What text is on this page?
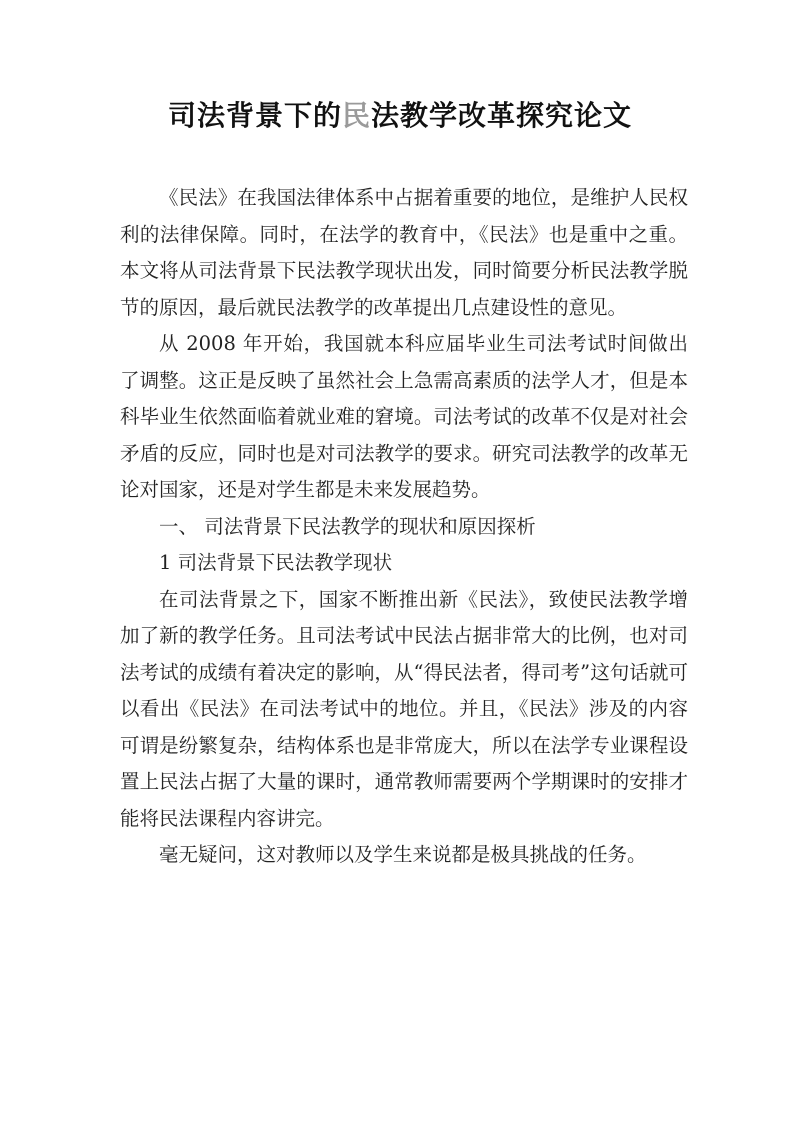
司法背景下的民法教学改革探究论文

《民法》在我国法律体系中占据着重要的地位，是维护人民权利的法律保障。同时，在法学的教育中，《民法》也是重中之重。本文将从司法背景下民法教学现状出发，同时简要分析民法教学脱节的原因，最后就民法教学的改革提出几点建设性的意见。

从 2008 年开始，我国就本科应届毕业生司法考试时间做出了调整。这正是反映了虽然社会上急需高素质的法学人才，但是本科毕业生依然面临着就业难的窘境。司法考试的改革不仅是对社会矛盾的反应，同时也是对司法教学的要求。研究司法教学的改革无论对国家，还是对学生都是未来发展趋势。

一、 司法背景下民法教学的现状和原因探析

1 司法背景下民法教学现状

在司法背景之下，国家不断推出新《民法》，致使民法教学增加了新的教学任务。且司法考试中民法占据非常大的比例，也对司法考试的成绩有着决定的影响，从“得民法者，得司考”这句话就可以看出《民法》在司法考试中的地位。并且，《民法》涉及的内容可谓是纷繁复杂，结构体系也是非常庞大，所以在法学专业课程设置上民法占据了大量的课时，通常教师需要两个学期课时的安排才能将民法课程内容讲完。

毫无疑问，这对教师以及学生来说都是极具挑战的任务。
